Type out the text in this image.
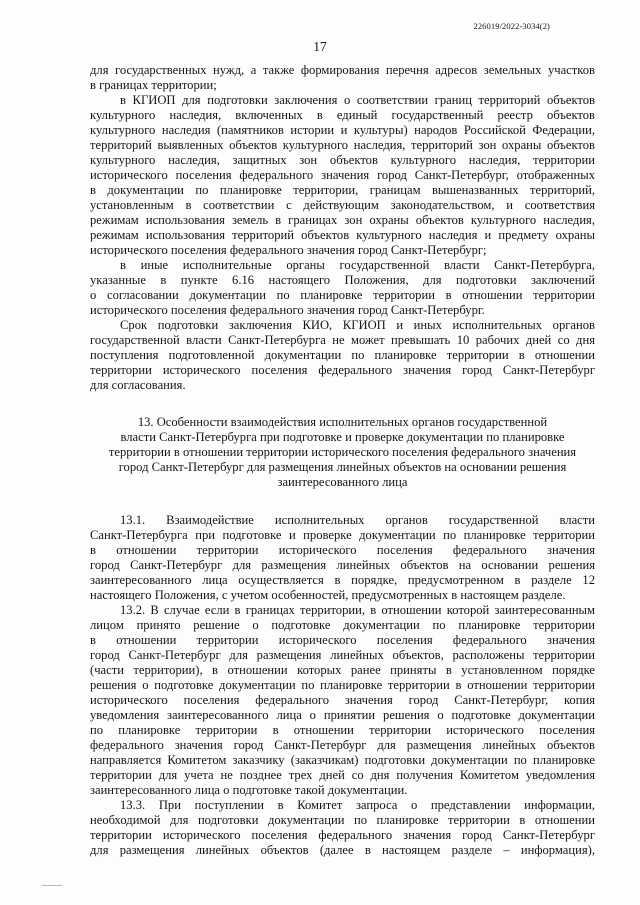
226019/2022-3034(2)
17
для государственных нужд, а также формирования перечня адресов земельных участков
в границах территории;
в КГИОП для подготовки заключения о соответствии границ территорий объектов
культурного наследия, включенных в единый государственный реестр объектов
культурного наследия (памятников истории и культуры) народов Российской Федерации,
территорий выявленных объектов культурного наследия, территорий зон охраны объектов
культурного наследия, защитных зон объектов культурного наследия, территории
исторического поселения федерального значения город Санкт-Петербург, отображенных
в документации по планировке территории, границам вышеназванных территорий,
установленным в соответствии с действующим законодательством, и соответствия
режимам использования земель в границах зон охраны объектов культурного наследия,
режимам использования территорий объектов культурного наследия и предмету охраны
исторического поселения федерального значения город Санкт-Петербург;
в иные исполнительные органы государственной власти Санкт-Петербурга,
указанные в пункте 6.16 настоящего Положения, для подготовки заключений
о согласовании документации по планировке территории в отношении территории
исторического поселения федерального значения город Санкт-Петербург.
Срок подготовки заключения КИО, КГИОП и иных исполнительных органов
государственной власти Санкт-Петербурга не может превышать 10 рабочих дней со дня
поступления подготовленной документации по планировке территории в отношении
территории исторического поселения федерального значения город Санкт-Петербург
для согласования.
13. Особенности взаимодействия исполнительных органов государственной
власти Санкт-Петербурга при подготовке и проверке документации по планировке
территории в отношении территории исторического поселения федерального значения
город Санкт-Петербург для размещения линейных объектов на основании решения
заинтересованного лица
13.1. Взаимодействие исполнительных органов государственной власти
Санкт-Петербурга при подготовке и проверке документации по планировке территории
в отношении территории исторического поселения федерального значения
город Санкт-Петербург для размещения линейных объектов на основании решения
заинтересованного лица осуществляется в порядке, предусмотренном в разделе 12
настоящего Положения, с учетом особенностей, предусмотренных в настоящем разделе.
13.2. В случае если в границах территории, в отношении которой заинтересованным
лицом принято решение о подготовке документации по планировке территории
в отношении территории исторического поселения федерального значения
город Санкт-Петербург для размещения линейных объектов, расположены территории
(части территории), в отношении которых ранее приняты в установленном порядке
решения о подготовке документации по планировке территории в отношении территории
исторического поселения федерального значения город Санкт-Петербург, копия
уведомления заинтересованного лица о принятии решения о подготовке документации
по планировке территории в отношении территории исторического поселения
федерального значения город Санкт-Петербург для размещения линейных объектов
направляется Комитетом заказчику (заказчикам) подготовки документации по планировке
территории для учета не позднее трех дней со дня получения Комитетом уведомления
заинтересованного лица о подготовке такой документации.
13.3. При поступлении в Комитет запроса о представлении информации,
необходимой для подготовки документации по планировке территории в отношении
территории исторического поселения федерального значения город Санкт-Петербург
для размещения линейных объектов (далее в настоящем разделе – информация),
